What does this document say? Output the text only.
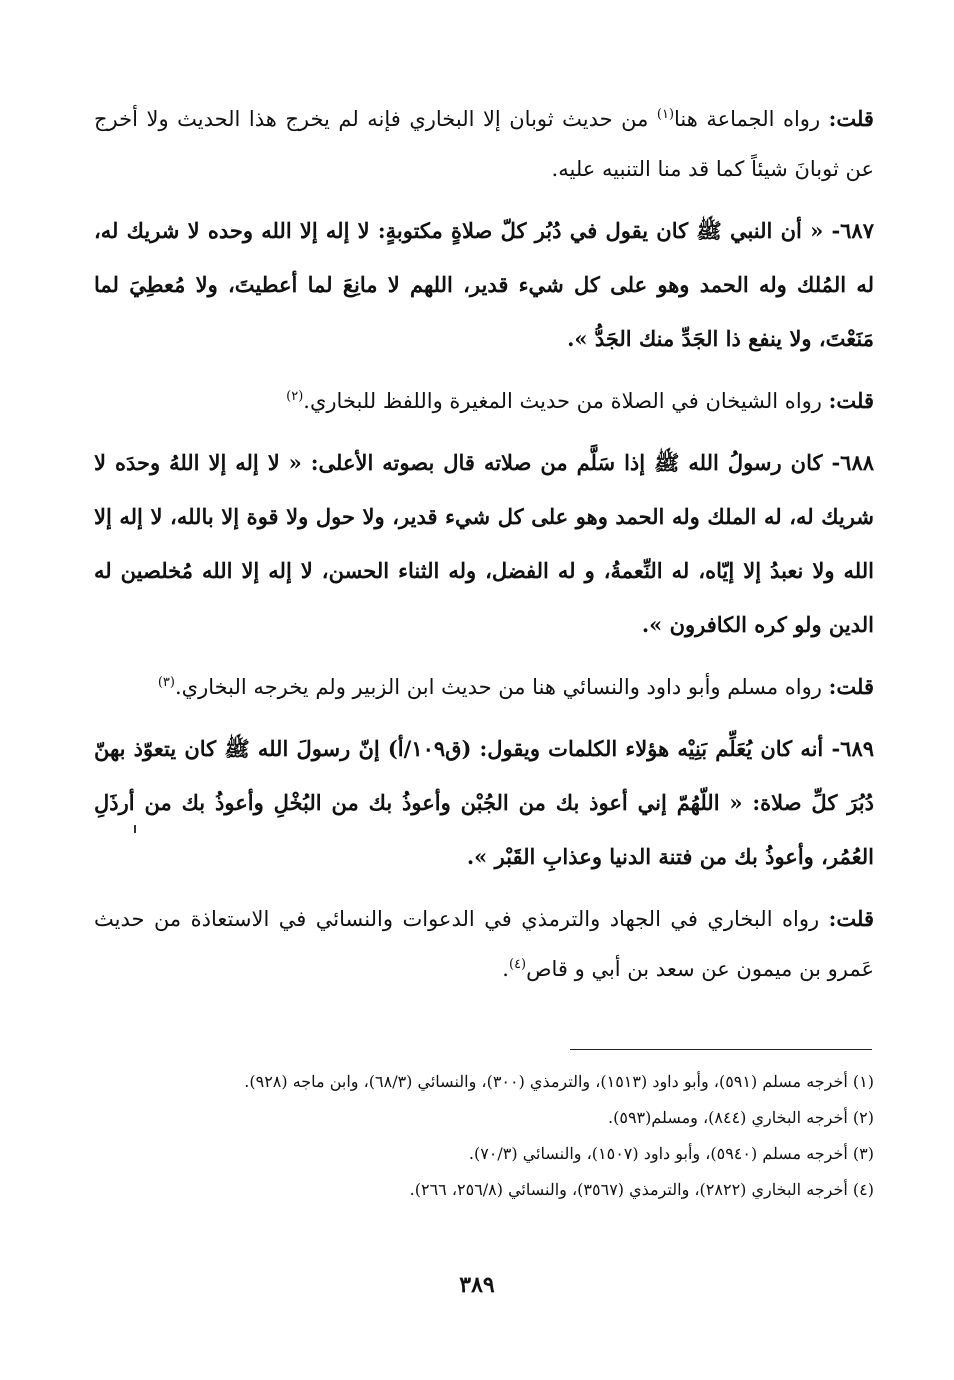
قلت: رواه الجماعة هنا$^{(١)}$ من حديث ثوبان إلا البخاري فإنه لم يخرج هذا الحديث ولا أخرج عن ثوبانَ شيئاً كما قد منا التنبيه عليه.

٦٨٧- « أن النبي ﷺ كان يقول في دُبُر كلّ صلاةٍ مكتوبةٍ: لا إله إلا الله وحده لا شريك له، له المُلك وله الحمد وهو على كل شيء قدير، اللهم لا مانِعَ لما أعطيتَ، ولا مُعطِيَ لما مَنَعْتَ، ولا ينفع ذا الجَدِّ منك الجَدُّ ».

قلت: رواه الشيخان في الصلاة من حديث المغيرة واللفظ للبخاري.$^{(٢)}$

٦٨٨- كان رسولُ الله ﷺ إذا سَلَّم من صلاته قال بصوته الأعلى: « لا إله إلا اللهُ وحدَه لا شريك له، له الملك وله الحمد وهو على كل شيء قدير، ولا حول ولا قوة إلا بالله، لا إله إلا الله ولا نعبدُ إلا إيّاه، له النِّعمةُ، و له الفضل، وله الثناء الحسن، لا إله إلا الله مُخلصين له الدين ولو كره الكافرون ».

قلت: رواه مسلم وأبو داود والنسائي هنا من حديث ابن الزبير ولم يخرجه البخاري.$^{(٣)}$

٦٨٩- أنه كان يُعَلِّم بَنِيْه هؤلاء الكلمات ويقول: (ق١٠٩/أ) إنّ رسولَ الله ﷺ كان يتعوّذ بهنّ دُبُرَ كلِّ صلاة: « اللّهُمّ إني أعوذ بك من الجُبْن وأعوذُ بك من البُخْلِ وأعوذُ بك من أرذَلِ العُمُر، وأعوذُ بك من فتنة الدنيا وعذابِ القَبْر ».

قلت: رواه البخاري في الجهاد والترمذي في الدعوات والنسائي في الاستعاذة من حديث عَمرو بن ميمون عن سعد بن أبي و قاص$^{(٤)}$.

(١) أخرجه مسلم (٥٩١)، وأبو داود (١٥١٣)، والترمذي (٣٠٠)، والنسائي (٦٨/٣)، وابن ماجه (٩٢٨).

(٢) أخرجه البخاري (٨٤٤)، ومسلم(٥٩٣).

(٣) أخرجه مسلم (٥٩٤٠)، وأبو داود (١٥٠٧)، والنسائي (٧٠/٣).

(٤) أخرجه البخاري (٢٨٢٢)، والترمذي (٣٥٦٧)، والنسائي (٢٥٦/٨، ٢٦٦).

٣٨٩
